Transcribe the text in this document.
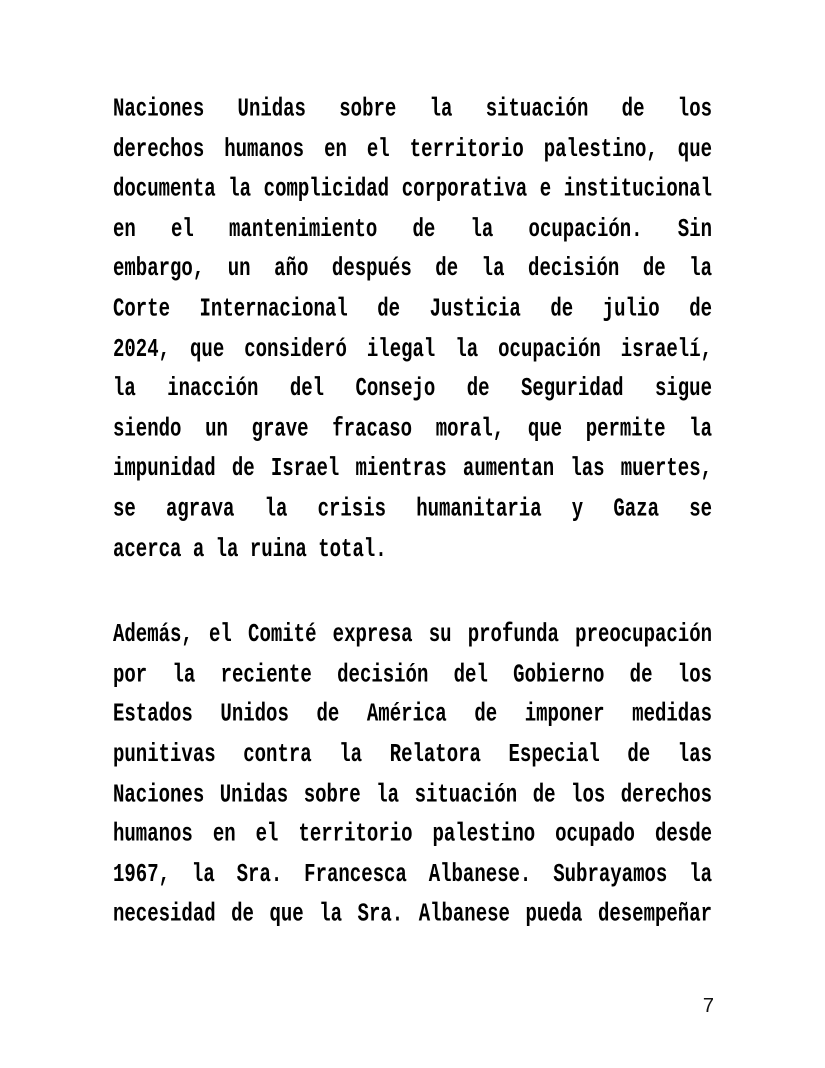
Naciones Unidas sobre la situación de los
derechos humanos en el territorio palestino, que
documenta la complicidad corporativa e institucional
en el mantenimiento de la ocupación. Sin
embargo, un año después de la decisión de la
Corte Internacional de Justicia de julio de
2024, que consideró ilegal la ocupación israelí,
la inacción del Consejo de Seguridad sigue
siendo un grave fracaso moral, que permite la
impunidad de Israel mientras aumentan las muertes,
se agrava la crisis humanitaria y Gaza se
acerca a la ruina total.
Además, el Comité expresa su profunda preocupación
por la reciente decisión del Gobierno de los
Estados Unidos de América de imponer medidas
punitivas contra la Relatora Especial de las
Naciones Unidas sobre la situación de los derechos
humanos en el territorio palestino ocupado desde
1967, la Sra. Francesca Albanese. Subrayamos la
necesidad de que la Sra. Albanese pueda desempeñar
7
